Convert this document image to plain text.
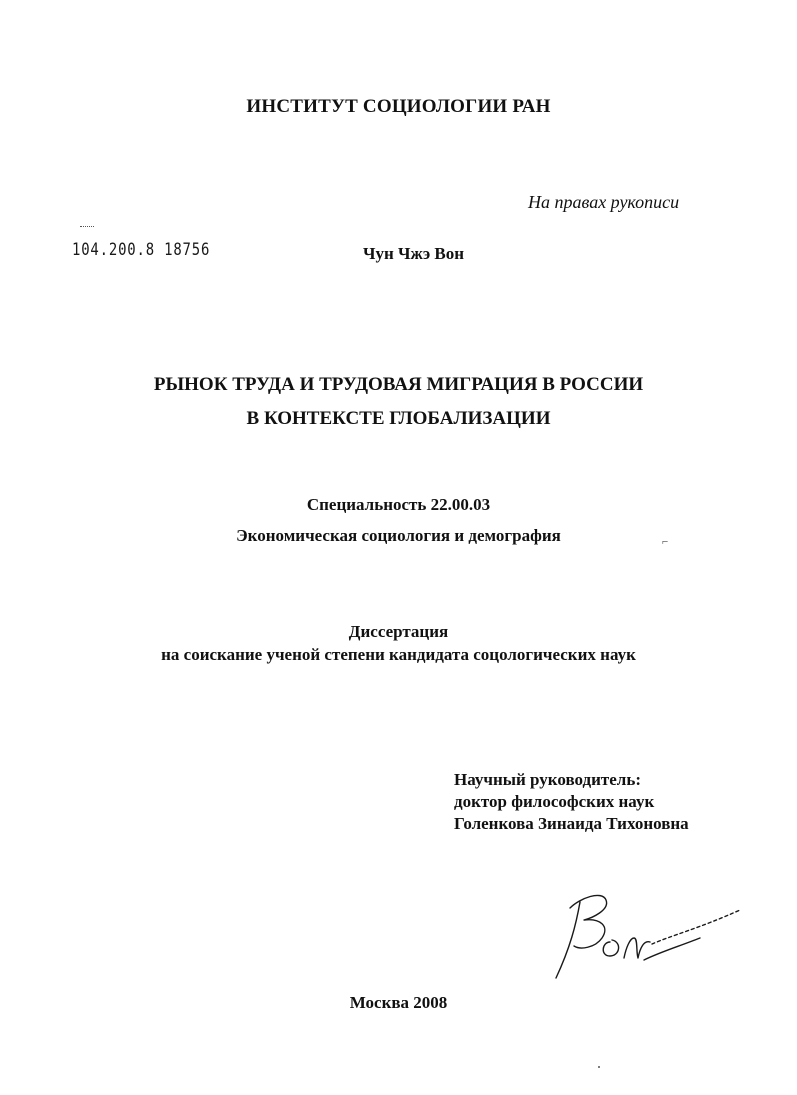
ИНСТИТУТ СОЦИОЛОГИИ РАН
На правах рукописи
104.200.8 18756	Чун Чжэ Вон
РЫНОК ТРУДА И ТРУДОВАЯ МИГРАЦИЯ В РОССИИ
В КОНТЕКСТЕ ГЛОБАЛИЗАЦИИ
Специальность 22.00.03
Экономическая социология и демография	⌐
Диссертация
на соискание ученой степени кандидата соцологических наук
Научный руководитель:
доктор философских наук
Голенкова Зинаида Тихоновна
Москва 2008
